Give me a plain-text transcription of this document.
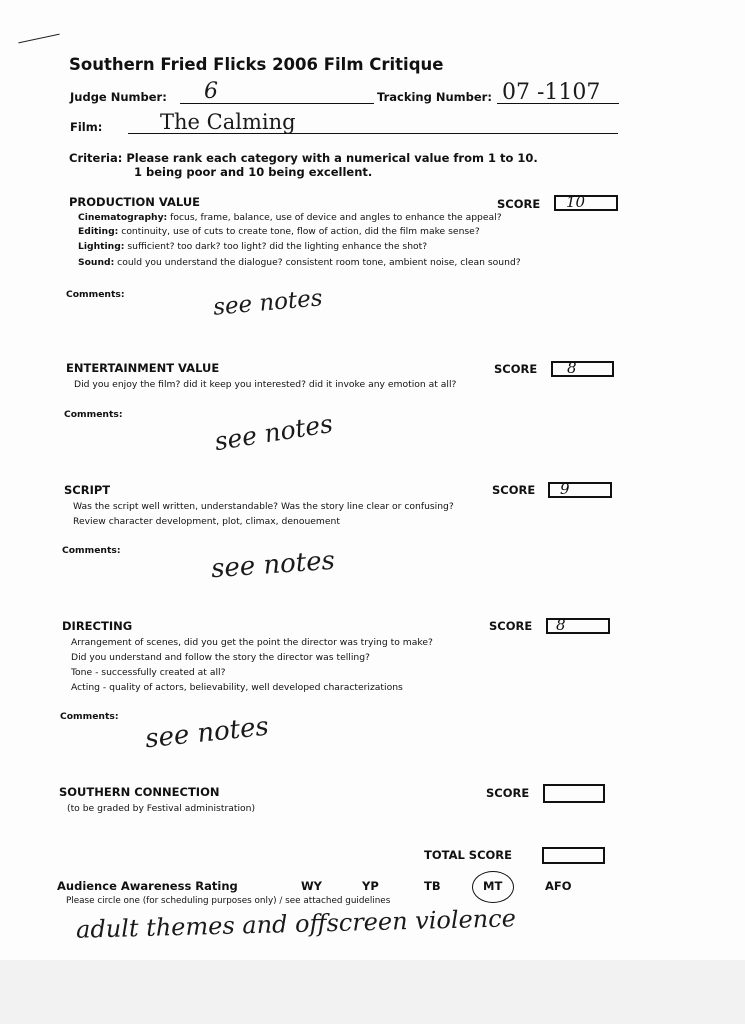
Southern Fried Flicks 2006 Film Critique
Judge Number: 6	Tracking Number: 07 -1107
Film:	The Calming
Criteria: Please rank each category with a numerical value from 1 to 10.
1 being poor and 10 being excellent.
PRODUCTION VALUE	SCORE 10
Cinematography: focus, frame, balance, use of device and angles to enhance the appeal?
Editing: continuity, use of cuts to create tone, flow of action, did the film make sense?
Lighting: sufficient? too dark? too light? did the lighting enhance the shot?
Sound: could you understand the dialogue? consistent room tone, ambient noise, clean sound?
Comments:	see notes
ENTERTAINMENT VALUE	SCORE 8
Did you enjoy the film? did it keep you interested? did it invoke any emotion at all?
Comments:	see notes
SCRIPT	SCORE 9
Was the script well written, understandable? Was the story line clear or confusing?
Review character development, plot, climax, denouement
Comments:	see notes
DIRECTING	SCORE 8
Arrangement of scenes, did you get the point the director was trying to make?
Did you understand and follow the story the director was telling?
Tone - successfully created at all?
Acting - quality of actors, believability, well developed characterizations
Comments: see notes
SOUTHERN CONNECTION
(to be graded by Festival administration)
SCORE
TOTAL SCORE
Audience Awareness Rating	WY	YP	TB	MT	AFO
Please circle one (for scheduling purposes only) / see attached guidelines
adult themes and offscreen violence
